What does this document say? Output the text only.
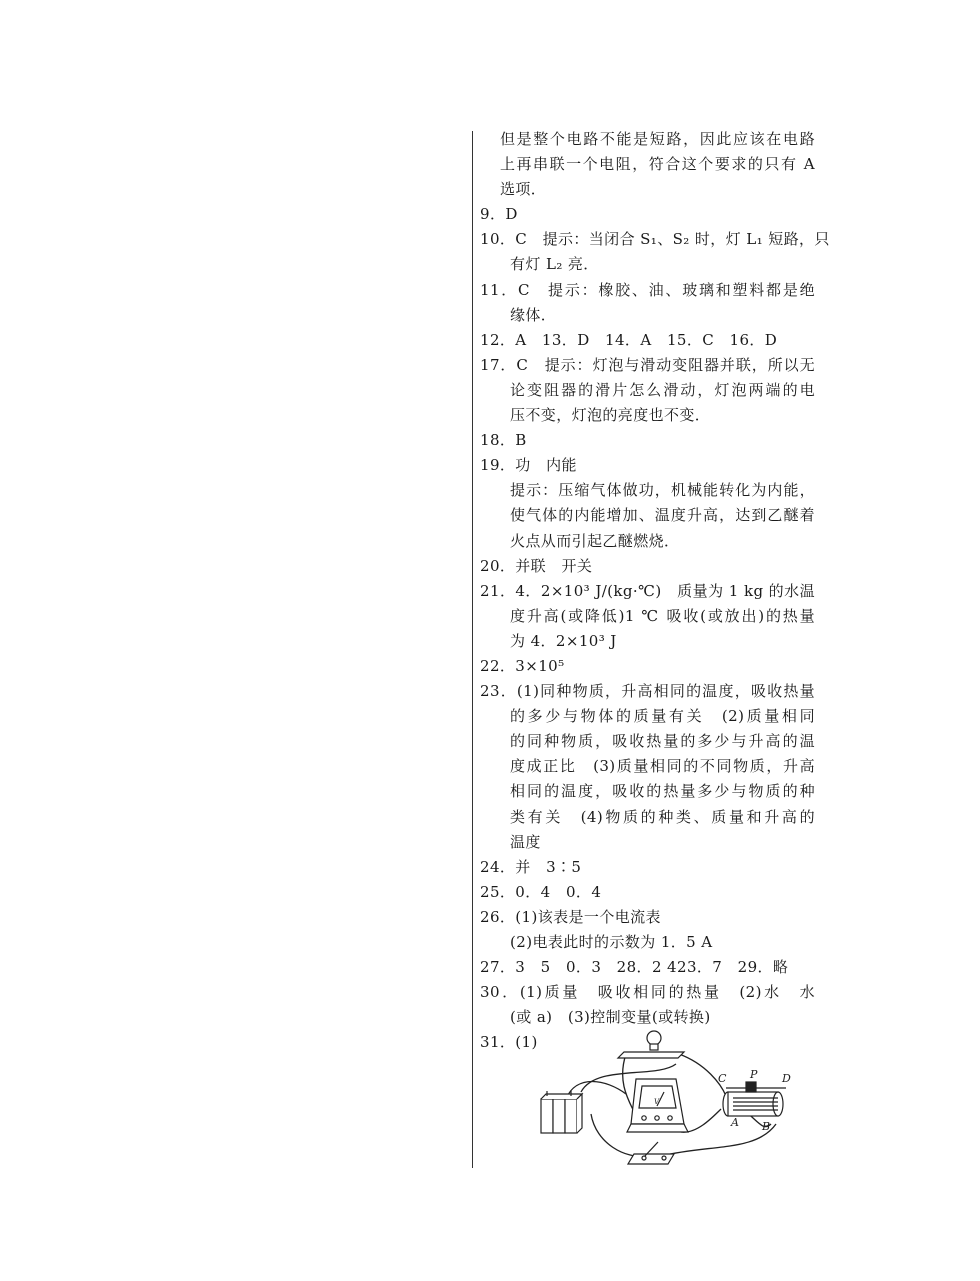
但是整个电路不能是短路，因此应该在电路
上再串联一个电阻，符合这个要求的只有 A
选项．
9．D
10．C　提示：当闭合 S₁、S₂ 时，灯 L₁ 短路，只
有灯 L₂ 亮．
11．C　提示：橡胶、油、玻璃和塑料都是绝
缘体．
12．A　13．D　14．A　15．C　16．D
17．C　提示：灯泡与滑动变阻器并联，所以无
论变阻器的滑片怎么滑动，灯泡两端的电
压不变，灯泡的亮度也不变．
18．B
19．功　内能
提示：压缩气体做功，机械能转化为内能，
使气体的内能增加、温度升高，达到乙醚着
火点从而引起乙醚燃烧．
20．并联　开关
21．4．2×10³ J/(kg·℃)　质量为 1 kg 的水温
度升高(或降低)1 ℃ 吸收(或放出)的热量
为 4．2×10³ J
22．3×10⁵
23．(1)同种物质，升高相同的温度，吸收热量
的多少与物体的质量有关　(2)质量相同
的同种物质，吸收热量的多少与升高的温
度成正比　(3)质量相同的不同物质，升高
相同的温度，吸收的热量多少与物质的种
类有关　(4)物质的种类、质量和升高的
温度
24．并　3∶5
25．0．4　0．4
26．(1)该表是一个电流表
(2)电表此时的示数为 1．5 A
27．3　5　0．3　28．2 423．7　29．略
30．(1)质量　吸收相同的热量　(2)水　水
(或 a)　(3)控制变量(或转换)
31．(1)
V
C P D
A B
